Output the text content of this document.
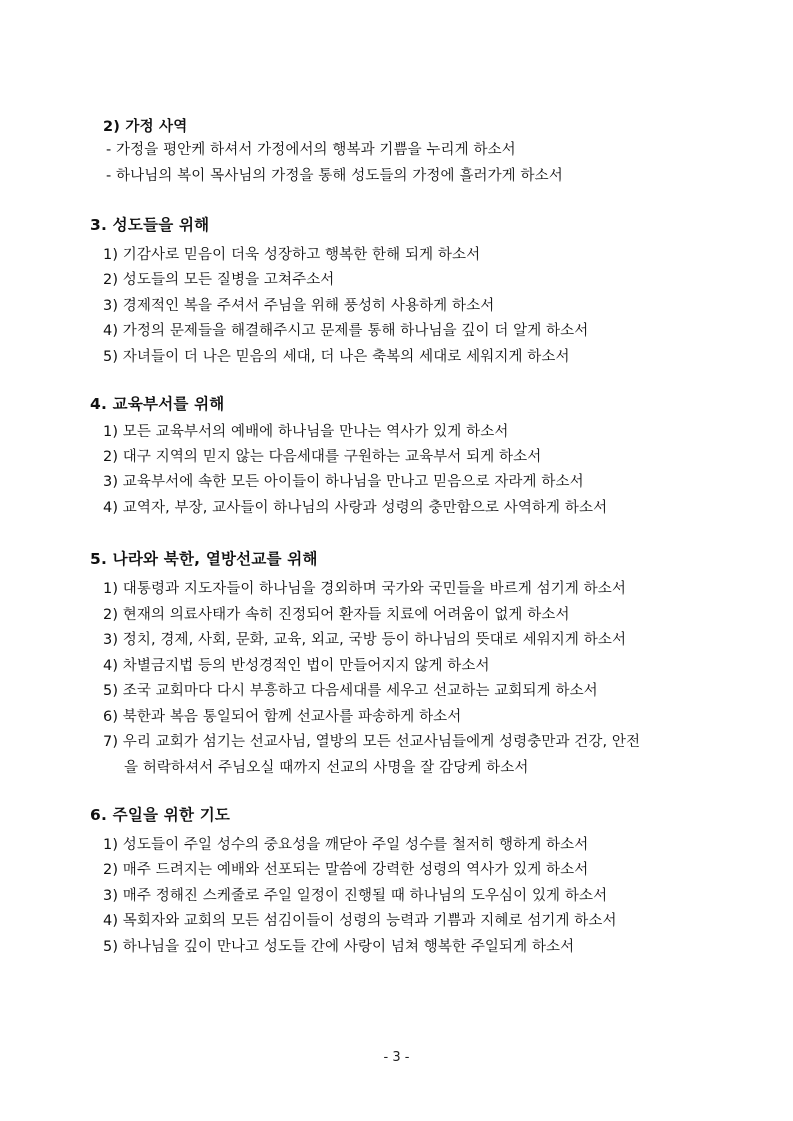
2) 가정 사역
- 가정을 평안케 하셔서 가정에서의 행복과 기쁨을 누리게 하소서
- 하나님의 복이 목사님의 가정을 통해 성도들의 가정에 흘러가게 하소서
3. 성도들을 위해
1) 기감사로 믿음이 더욱 성장하고 행복한 한해 되게 하소서
2) 성도들의 모든 질병을 고쳐주소서
3) 경제적인 복을 주셔서 주님을 위해 풍성히 사용하게 하소서
4) 가정의 문제들을 해결해주시고 문제를 통해 하나님을 깊이 더 알게 하소서
5) 자녀들이 더 나은 믿음의 세대, 더 나은 축복의 세대로 세워지게 하소서
4. 교육부서를 위해
1) 모든 교육부서의 예배에 하나님을 만나는 역사가 있게 하소서
2) 대구 지역의 믿지 않는 다음세대를 구원하는 교육부서 되게 하소서
3) 교육부서에 속한 모든 아이들이 하나님을 만나고 믿음으로 자라게 하소서
4) 교역자, 부장, 교사들이 하나님의 사랑과 성령의 충만함으로 사역하게 하소서
5. 나라와 북한, 열방선교를 위해
1) 대통령과 지도자들이 하나님을 경외하며 국가와 국민들을 바르게 섬기게 하소서
2) 현재의 의료사태가 속히 진정되어 환자들 치료에 어려움이 없게 하소서
3) 정치, 경제, 사회, 문화, 교육, 외교, 국방 등이 하나님의 뜻대로 세워지게 하소서
4) 차별금지법 등의 반성경적인 법이 만들어지지 않게 하소서
5) 조국 교회마다 다시 부흥하고 다음세대를 세우고 선교하는 교회되게 하소서
6) 북한과 복음 통일되어 함께 선교사를 파송하게 하소서
7) 우리 교회가 섬기는 선교사님, 열방의 모든 선교사님들에게 성령충만과 건강, 안전
을 허락하셔서 주님오실 때까지 선교의 사명을 잘 감당케 하소서
6. 주일을 위한 기도
1) 성도들이 주일 성수의 중요성을 깨닫아 주일 성수를 철저히 행하게 하소서
2) 매주 드려지는 예배와 선포되는 말씀에 강력한 성령의 역사가 있게 하소서
3) 매주 정해진 스케줄로 주일 일정이 진행될 때 하나님의 도우심이 있게 하소서
4) 목회자와 교회의 모든 섬김이들이 성령의 능력과 기쁨과 지혜로 섬기게 하소서
5) 하나님을 깊이 만나고 성도들 간에 사랑이 넘쳐 행복한 주일되게 하소서
- 3 -
